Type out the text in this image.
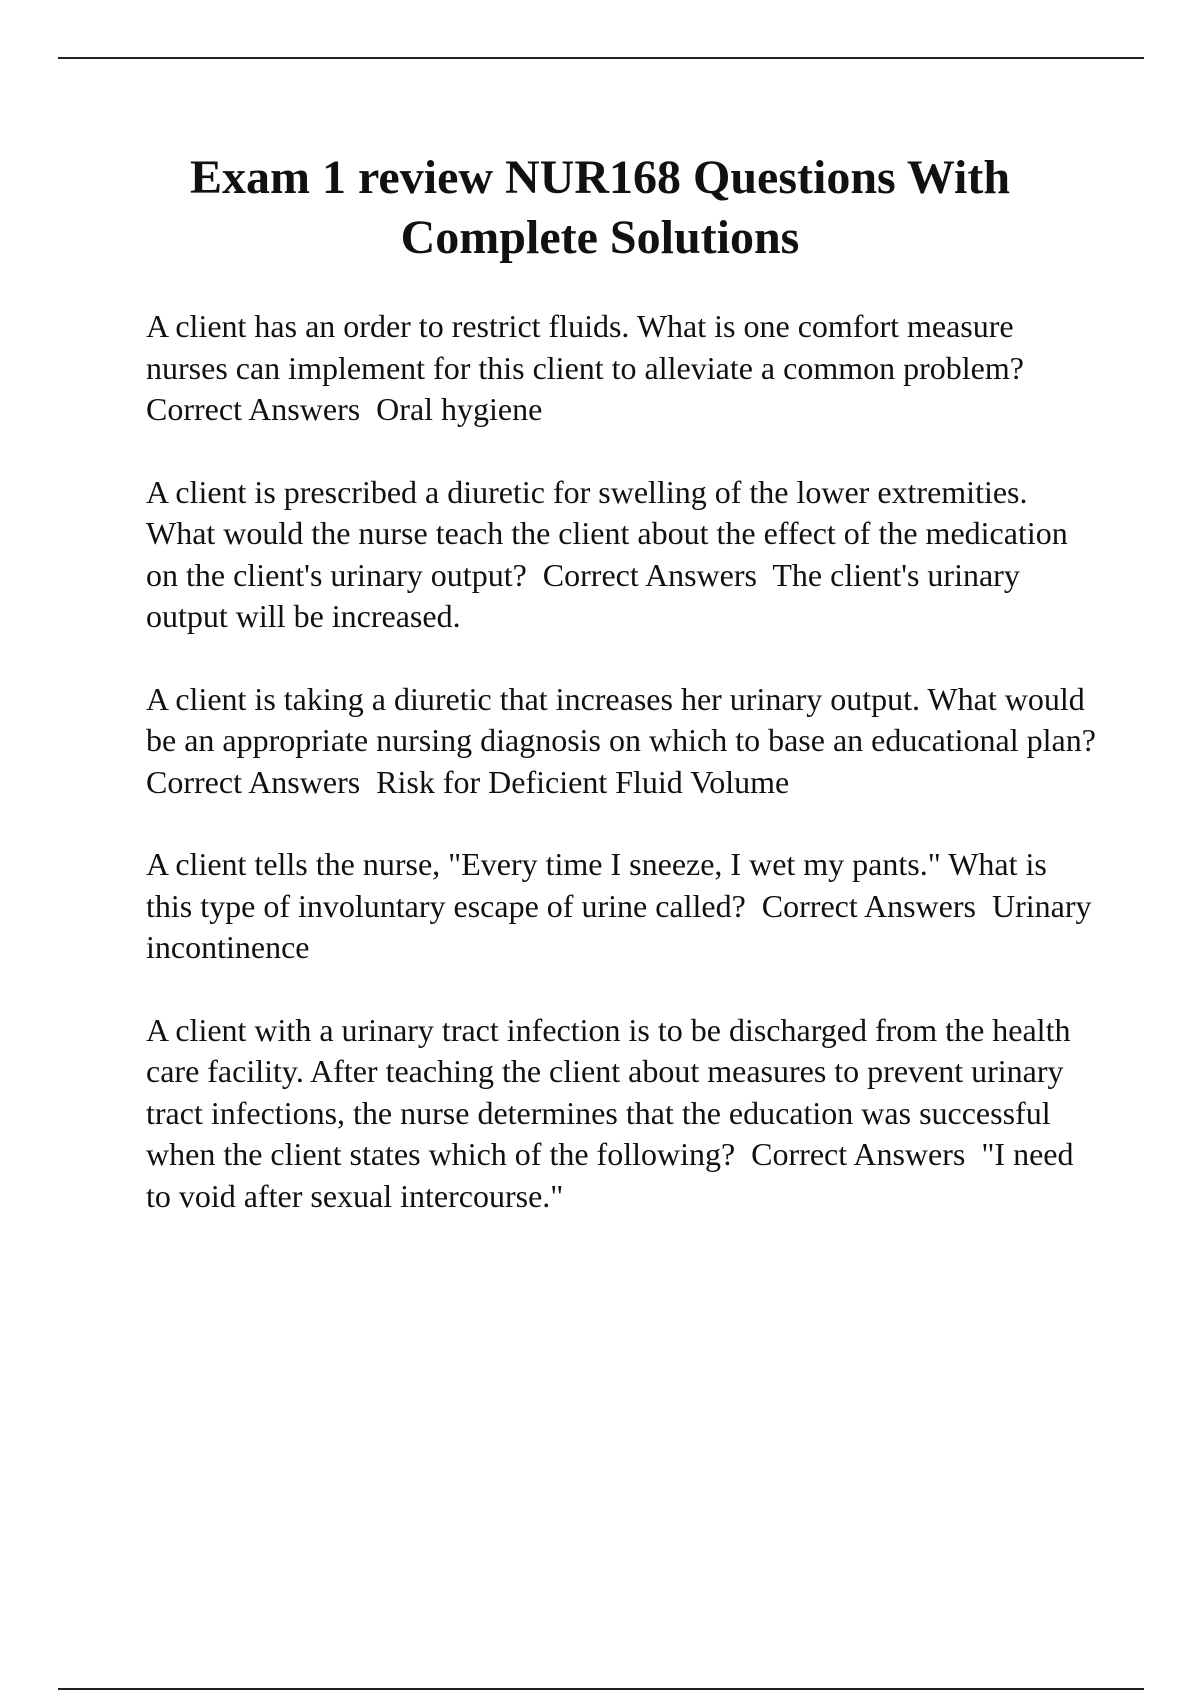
Exam 1 review NUR168 Questions With Complete Solutions

A client has an order to restrict fluids. What is one comfort measure nurses can implement for this client to alleviate a common problem?  Correct Answers Oral hygiene

A client is prescribed a diuretic for swelling of the lower extremities. What would the nurse teach the client about the effect of the medication on the client's urinary output? Correct Answers The client's urinary output will be increased.

A client is taking a diuretic that increases her urinary output. What would be an appropriate nursing diagnosis on which to base an educational plan?  Correct Answers Risk for Deficient Fluid Volume

A client tells the nurse, "Every time I sneeze, I wet my pants." What is this type of involuntary escape of urine called? Correct Answers Urinary incontinence

A client with a urinary tract infection is to be discharged from the health care facility. After teaching the client about measures to prevent urinary tract infections, the nurse determines that the education was successful when the client states which of the following? Correct Answers "I need to void after sexual intercourse."
